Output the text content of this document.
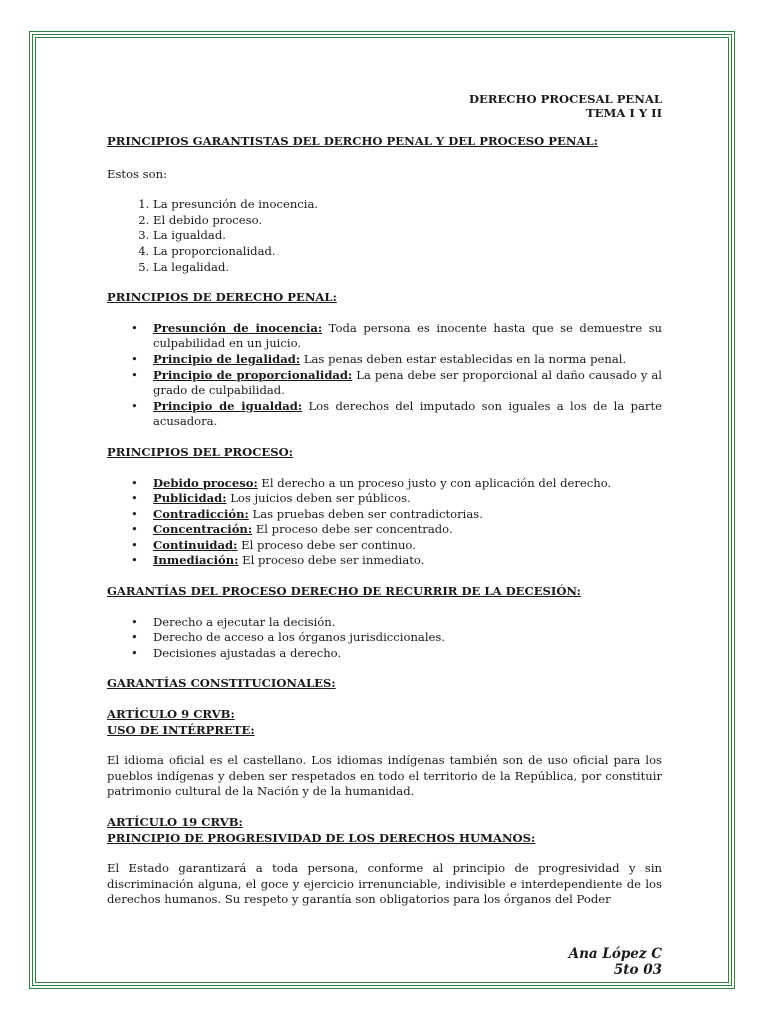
DERECHO PROCESAL PENAL
TEMA I Y II

PRINCIPIOS GARANTISTAS DEL DERCHO PENAL Y DEL PROCESO PENAL:

Estos son:

1. La presunción de inocencia.
2. El debido proceso.
3. La igualdad.
4. La proporcionalidad.
5. La legalidad.

PRINCIPIOS DE DERECHO PENAL:

• Presunción de inocencia: Toda persona es inocente hasta que se demuestre su culpabilidad en un juicio.
• Principio de legalidad: Las penas deben estar establecidas en la norma penal.
• Principio de proporcionalidad: La pena debe ser proporcional al daño causado y al grado de culpabilidad.
• Principio de igualdad: Los derechos del imputado son iguales a los de la parte acusadora.

PRINCIPIOS DEL PROCESO:

• Debido proceso: El derecho a un proceso justo y con aplicación del derecho.
• Publicidad: Los juicios deben ser públicos.
• Contradicción: Las pruebas deben ser contradictorias.
• Concentración: El proceso debe ser concentrado.
• Continuidad: El proceso debe ser continuo.
• Inmediación: El proceso debe ser inmediato.

GARANTÍAS DEL PROCESO DERECHO DE RECURRIR DE LA DECESIÓN:

• Derecho a ejecutar la decisión.
• Derecho de acceso a los órganos jurisdiccionales.
• Decisiones ajustadas a derecho.

GARANTÍAS CONSTITUCIONALES:

ARTÍCULO 9 CRVB:

USO DE INTÉRPRETE:

El idioma oficial es el castellano. Los idiomas indígenas también son de uso oficial para los pueblos indígenas y deben ser respetados en todo el territorio de la República, por constituir patrimonio cultural de la Nación y de la humanidad.

ARTÍCULO 19 CRVB:

PRINCIPIO DE PROGRESIVIDAD DE LOS DERECHOS HUMANOS:

El Estado garantizará a toda persona, conforme al principio de progresividad y sin discriminación alguna, el goce y ejercicio irrenunciable, indivisible e interdependiente de los derechos humanos. Su respeto y garantía son obligatorios para los órganos del Poder

Ana López C
5to 03
